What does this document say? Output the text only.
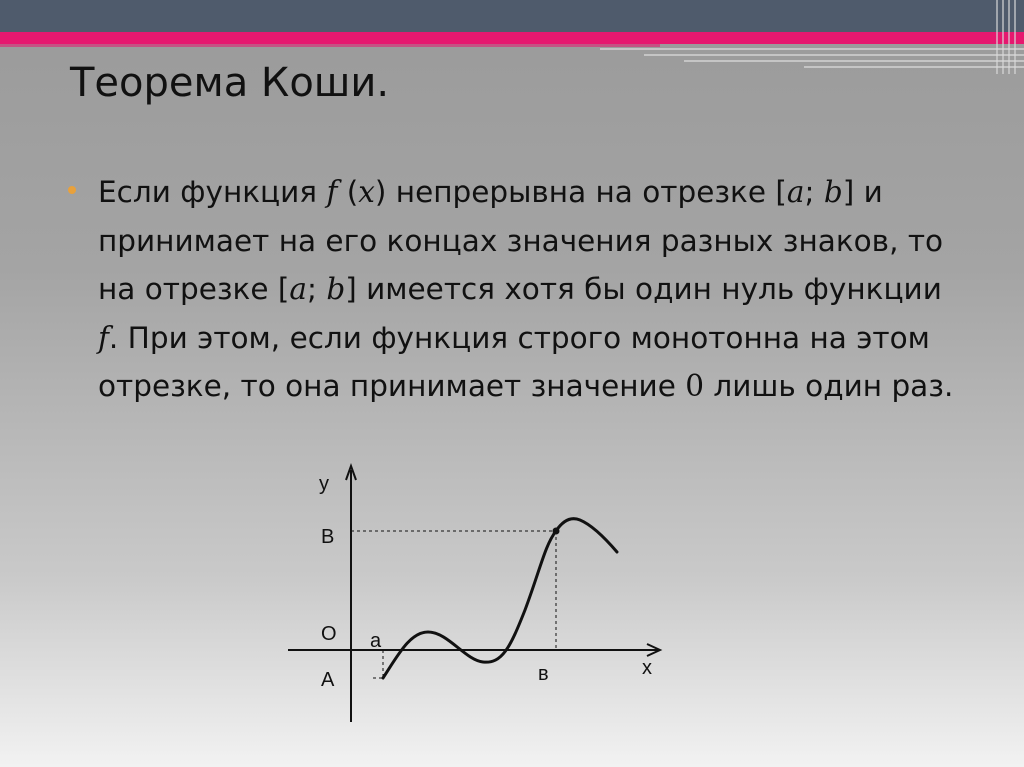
Теорема Коши.

Если функция f (x) непрерывна на отрезке [a; b] и принимает на его концах значения разных знаков, то на отрезке [a; b] имеется хотя бы один нуль функции f. При этом, если функция строго монотонна на этом отрезке, то она принимает значение 0 лишь один раз.

у
В
О а
А	в	х
